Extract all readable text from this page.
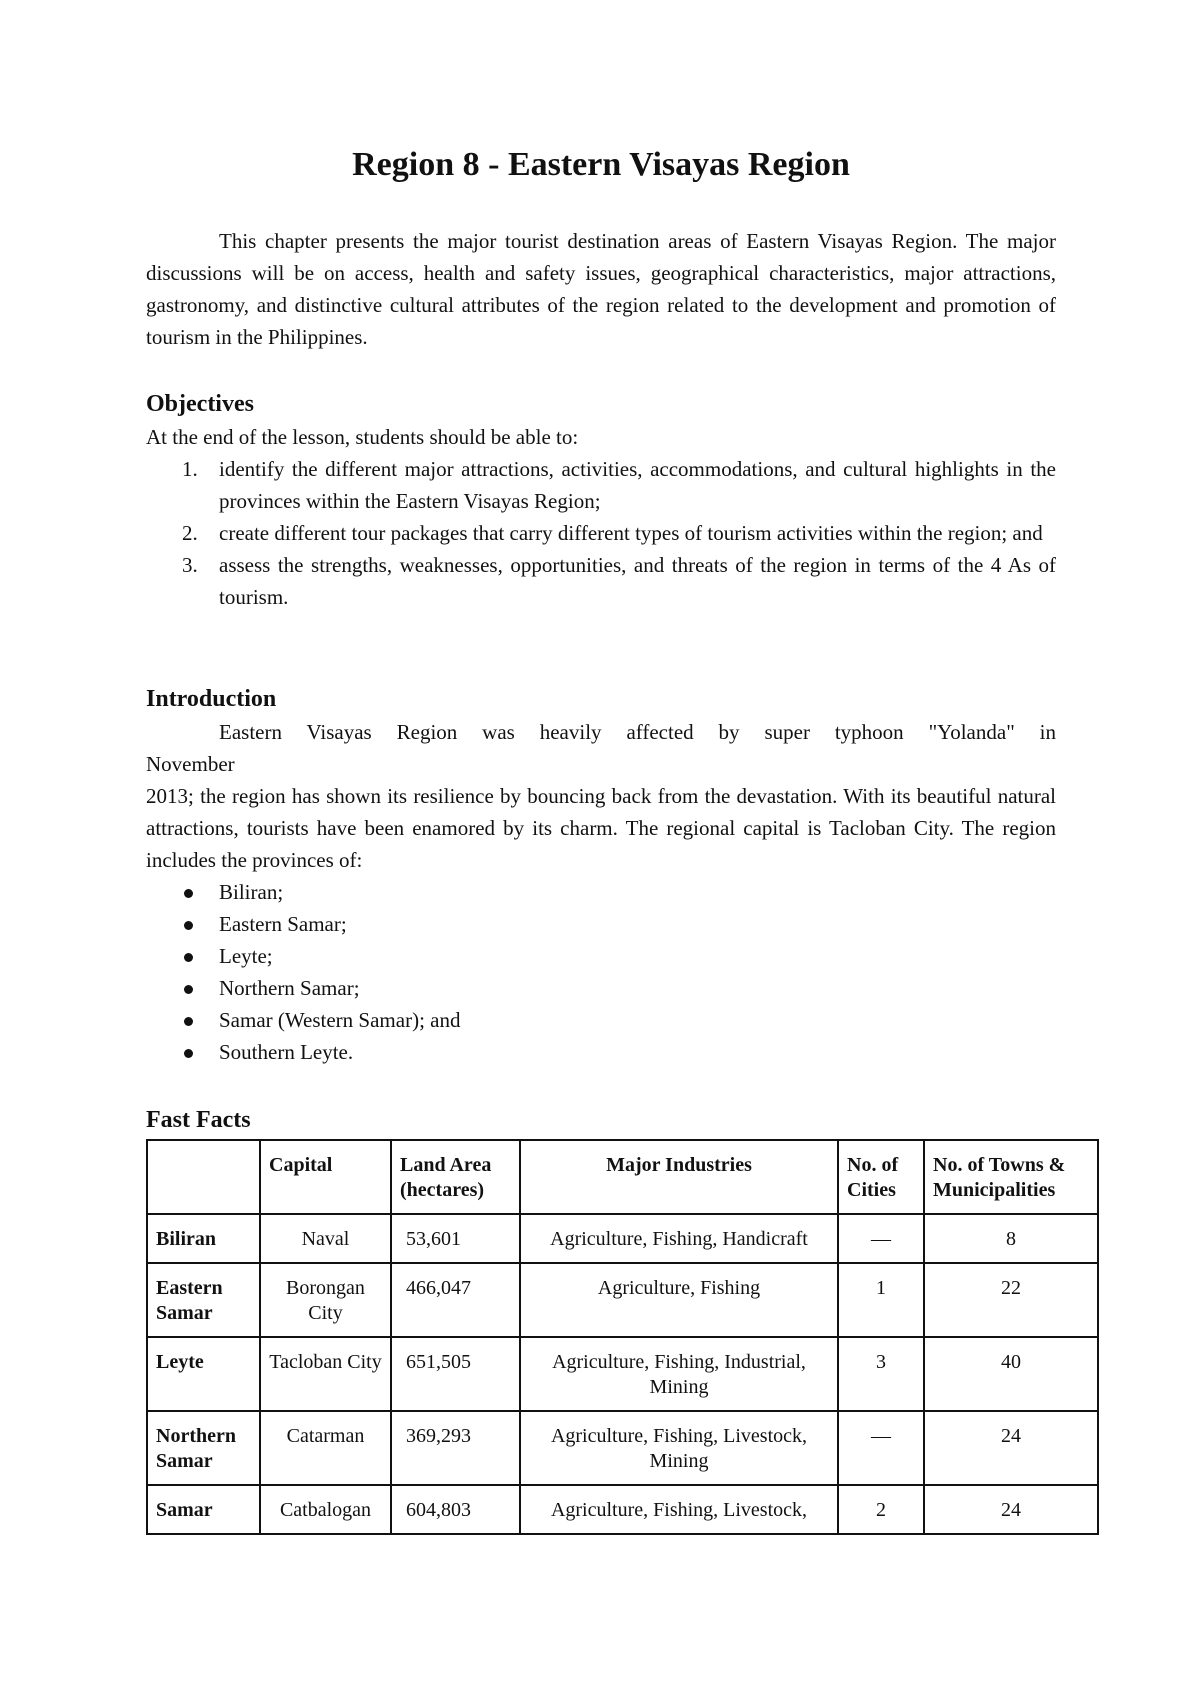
Region 8 - Eastern Visayas Region

This chapter presents the major tourist destination areas of Eastern Visayas Region. The major discussions will be on access, health and safety issues, geographical characteristics, major attractions, gastronomy, and distinctive cultural attributes of the region related to the development and promotion of tourism in the Philippines.

Objectives

At the end of the lesson, students should be able to:

1. identify the different major attractions, activities, accommodations, and cultural highlights in the provinces within the Eastern Visayas Region;
2. create different tour packages that carry different types of tourism activities within the region; and
3. assess the strengths, weaknesses, opportunities, and threats of the region in terms of the 4 As of tourism.
Introduction

Eastern Visayas Region was heavily affected by super typhoon "Yolanda" in

November

2013; the region has shown its resilience by bouncing back from the devastation. With its beautiful natural attractions, tourists have been enamored by its charm. The regional capital is Tacloban City. The region includes the provinces of:

Biliran;
Eastern Samar;
Leyte;
Northern Samar;
Samar (Western Samar); and
Southern Leyte.
Fast Facts
	Capital	Land Area (hectares)	Major Industries	No. of Cities	No. of Towns & Municipalities
Biliran	Naval	53,601	Agriculture, Fishing, Handicraft	—	8
Eastern Samar	Borongan City	466,047	Agriculture, Fishing	1	22
Leyte	Tacloban City	651,505	Agriculture, Fishing, Industrial, Mining	3	40
Northern Samar	Catarman	369,293	Agriculture, Fishing, Livestock, Mining	—	24
Samar	Catbalogan	604,803	Agriculture, Fishing, Livestock,	2	24
